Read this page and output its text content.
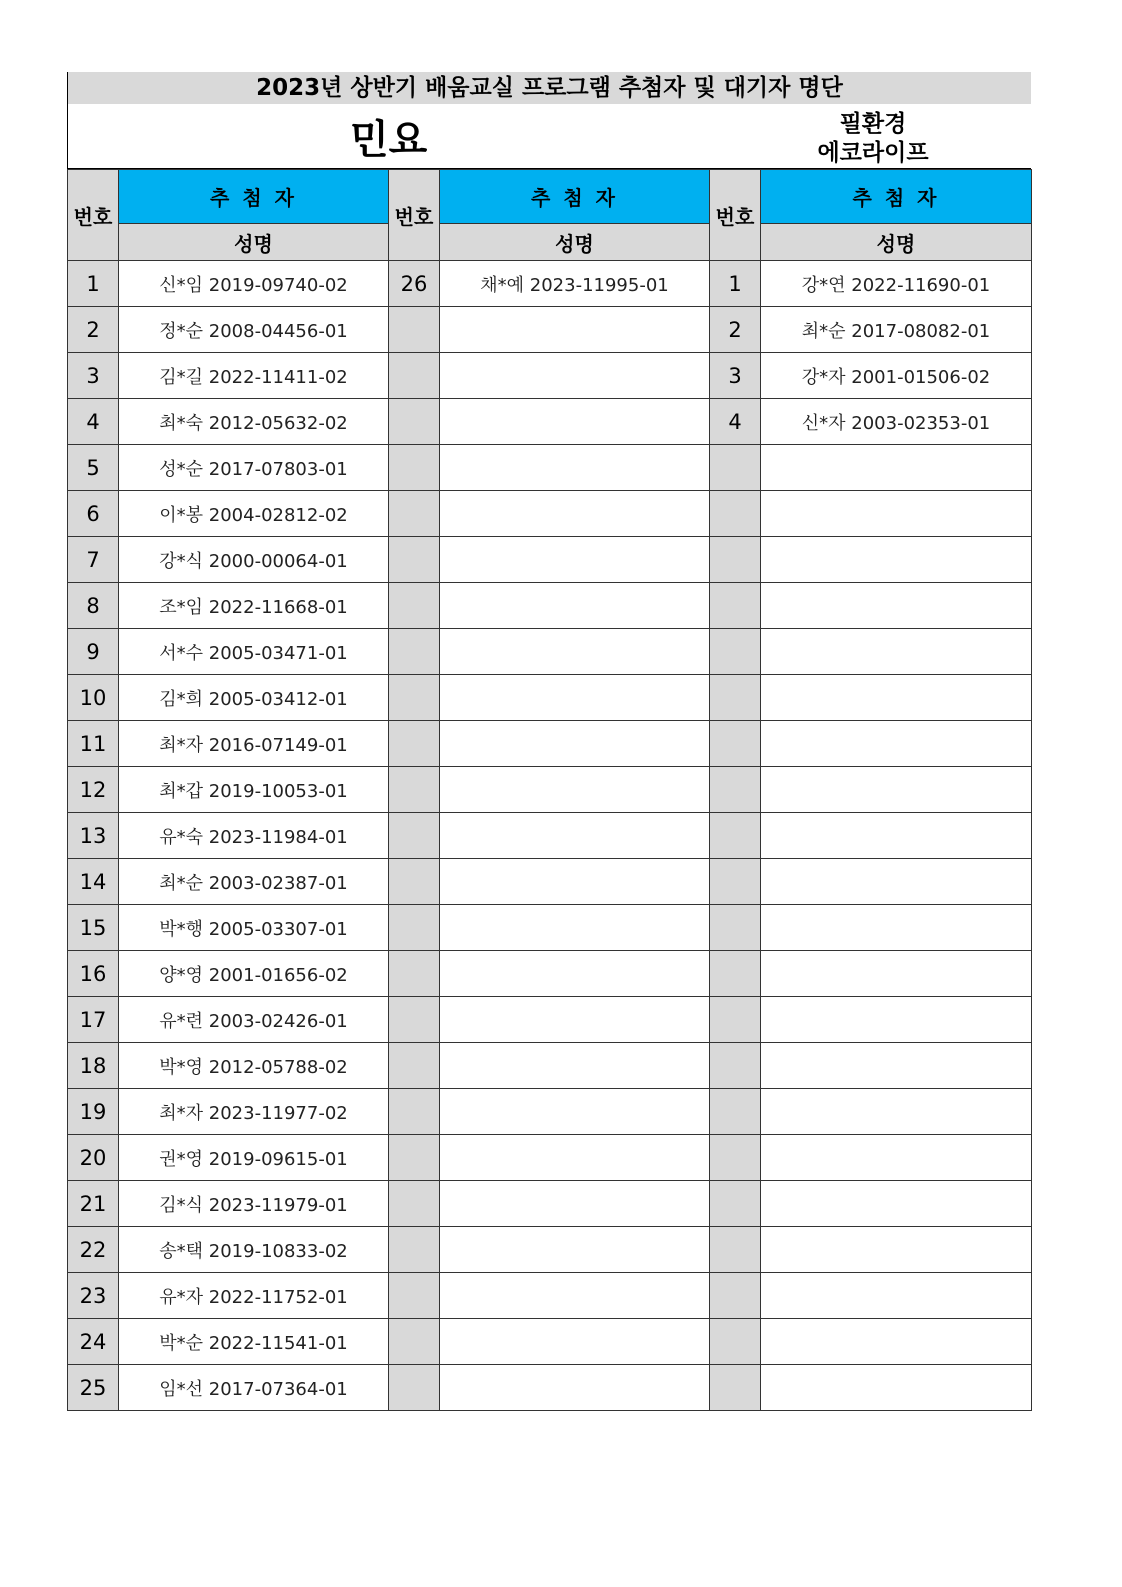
2023년 상반기 배움교실 프로그램 추첨자 및 대기자 명단
민요	필환경
에코라이프
번호	추 첨 자	번호	추 첨 자	번호	추 첨 자
	성명		성명		성명
1	신*임 2019-09740-02	26	채*예 2023-11995-01	1	강*연 2022-11690-01
2	정*순 2008-04456-01			2	최*순 2017-08082-01
3	김*길 2022-11411-02			3	강*자 2001-01506-02
4	최*숙 2012-05632-02			4	신*자 2003-02353-01
5	성*순 2017-07803-01				
6	이*봉 2004-02812-02				
7	강*식 2000-00064-01				
8	조*임 2022-11668-01				
9	서*수 2005-03471-01				
10	김*희 2005-03412-01				
11	최*자 2016-07149-01				
12	최*갑 2019-10053-01				
13	유*숙 2023-11984-01				
14	최*순 2003-02387-01				
15	박*행 2005-03307-01				
16	양*영 2001-01656-02				
17	유*련 2003-02426-01				
18	박*영 2012-05788-02				
19	최*자 2023-11977-02				
20	권*영 2019-09615-01				
21	김*식 2023-11979-01				
22	송*택 2019-10833-02				
23	유*자 2022-11752-01				
24	박*순 2022-11541-01				
25	임*선 2017-07364-01				
